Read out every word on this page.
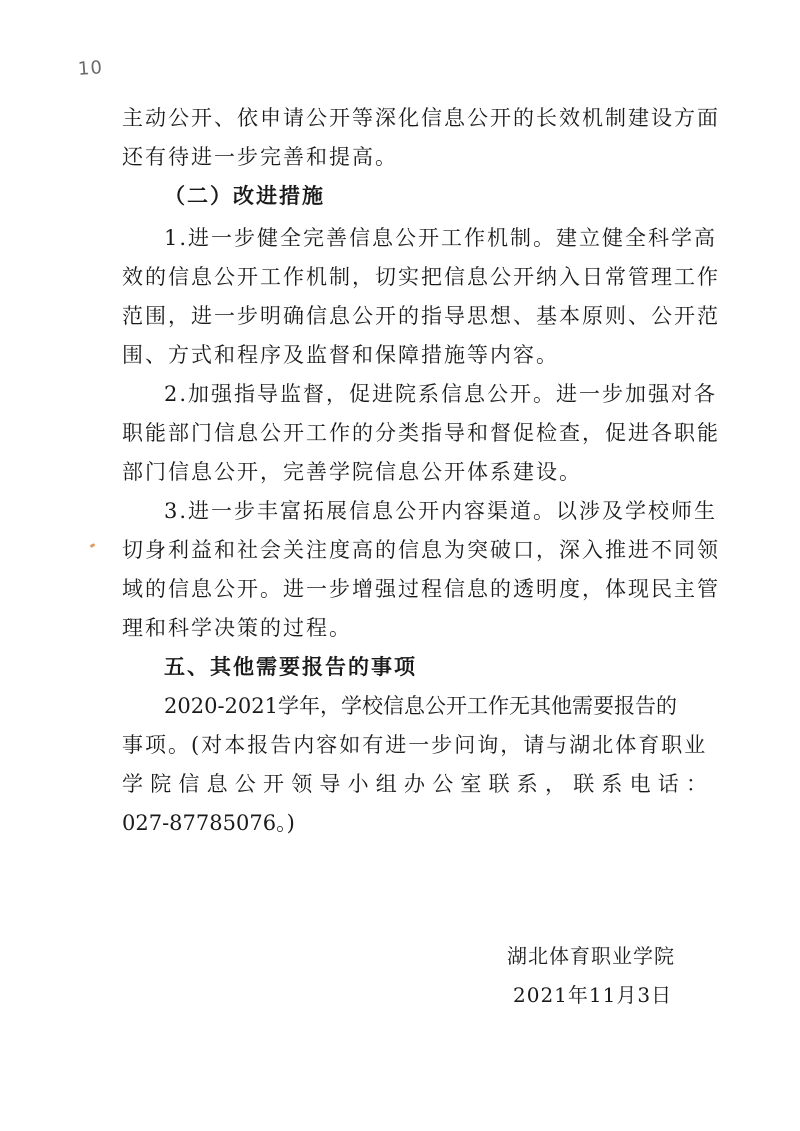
10
主动公开、依申请公开等深化信息公开的长效机制建设方面
还有待进一步完善和提高。
（二）改进措施
1.进一步健全完善信息公开工作机制。建立健全科学高
效的信息公开工作机制，切实把信息公开纳入日常管理工作
范围，进一步明确信息公开的指导思想、基本原则、公开范
围、方式和程序及监督和保障措施等内容。
2.加强指导监督，促进院系信息公开。进一步加强对各
职能部门信息公开工作的分类指导和督促检查，促进各职能
部门信息公开，完善学院信息公开体系建设。
3.进一步丰富拓展信息公开内容渠道。以涉及学校师生
切身利益和社会关注度高的信息为突破口，深入推进不同领
域的信息公开。进一步增强过程信息的透明度，体现民主管
理和科学决策的过程。
五、其他需要报告的事项
2020-2021学年，学校信息公开工作无其他需要报告的
事项。(对本报告内容如有进一步问询，请与湖北体育职业
学院信息公开领导小组办公室联系，联系电话：
027-87785076。)
湖北体育职业学院
2021年11月3日
